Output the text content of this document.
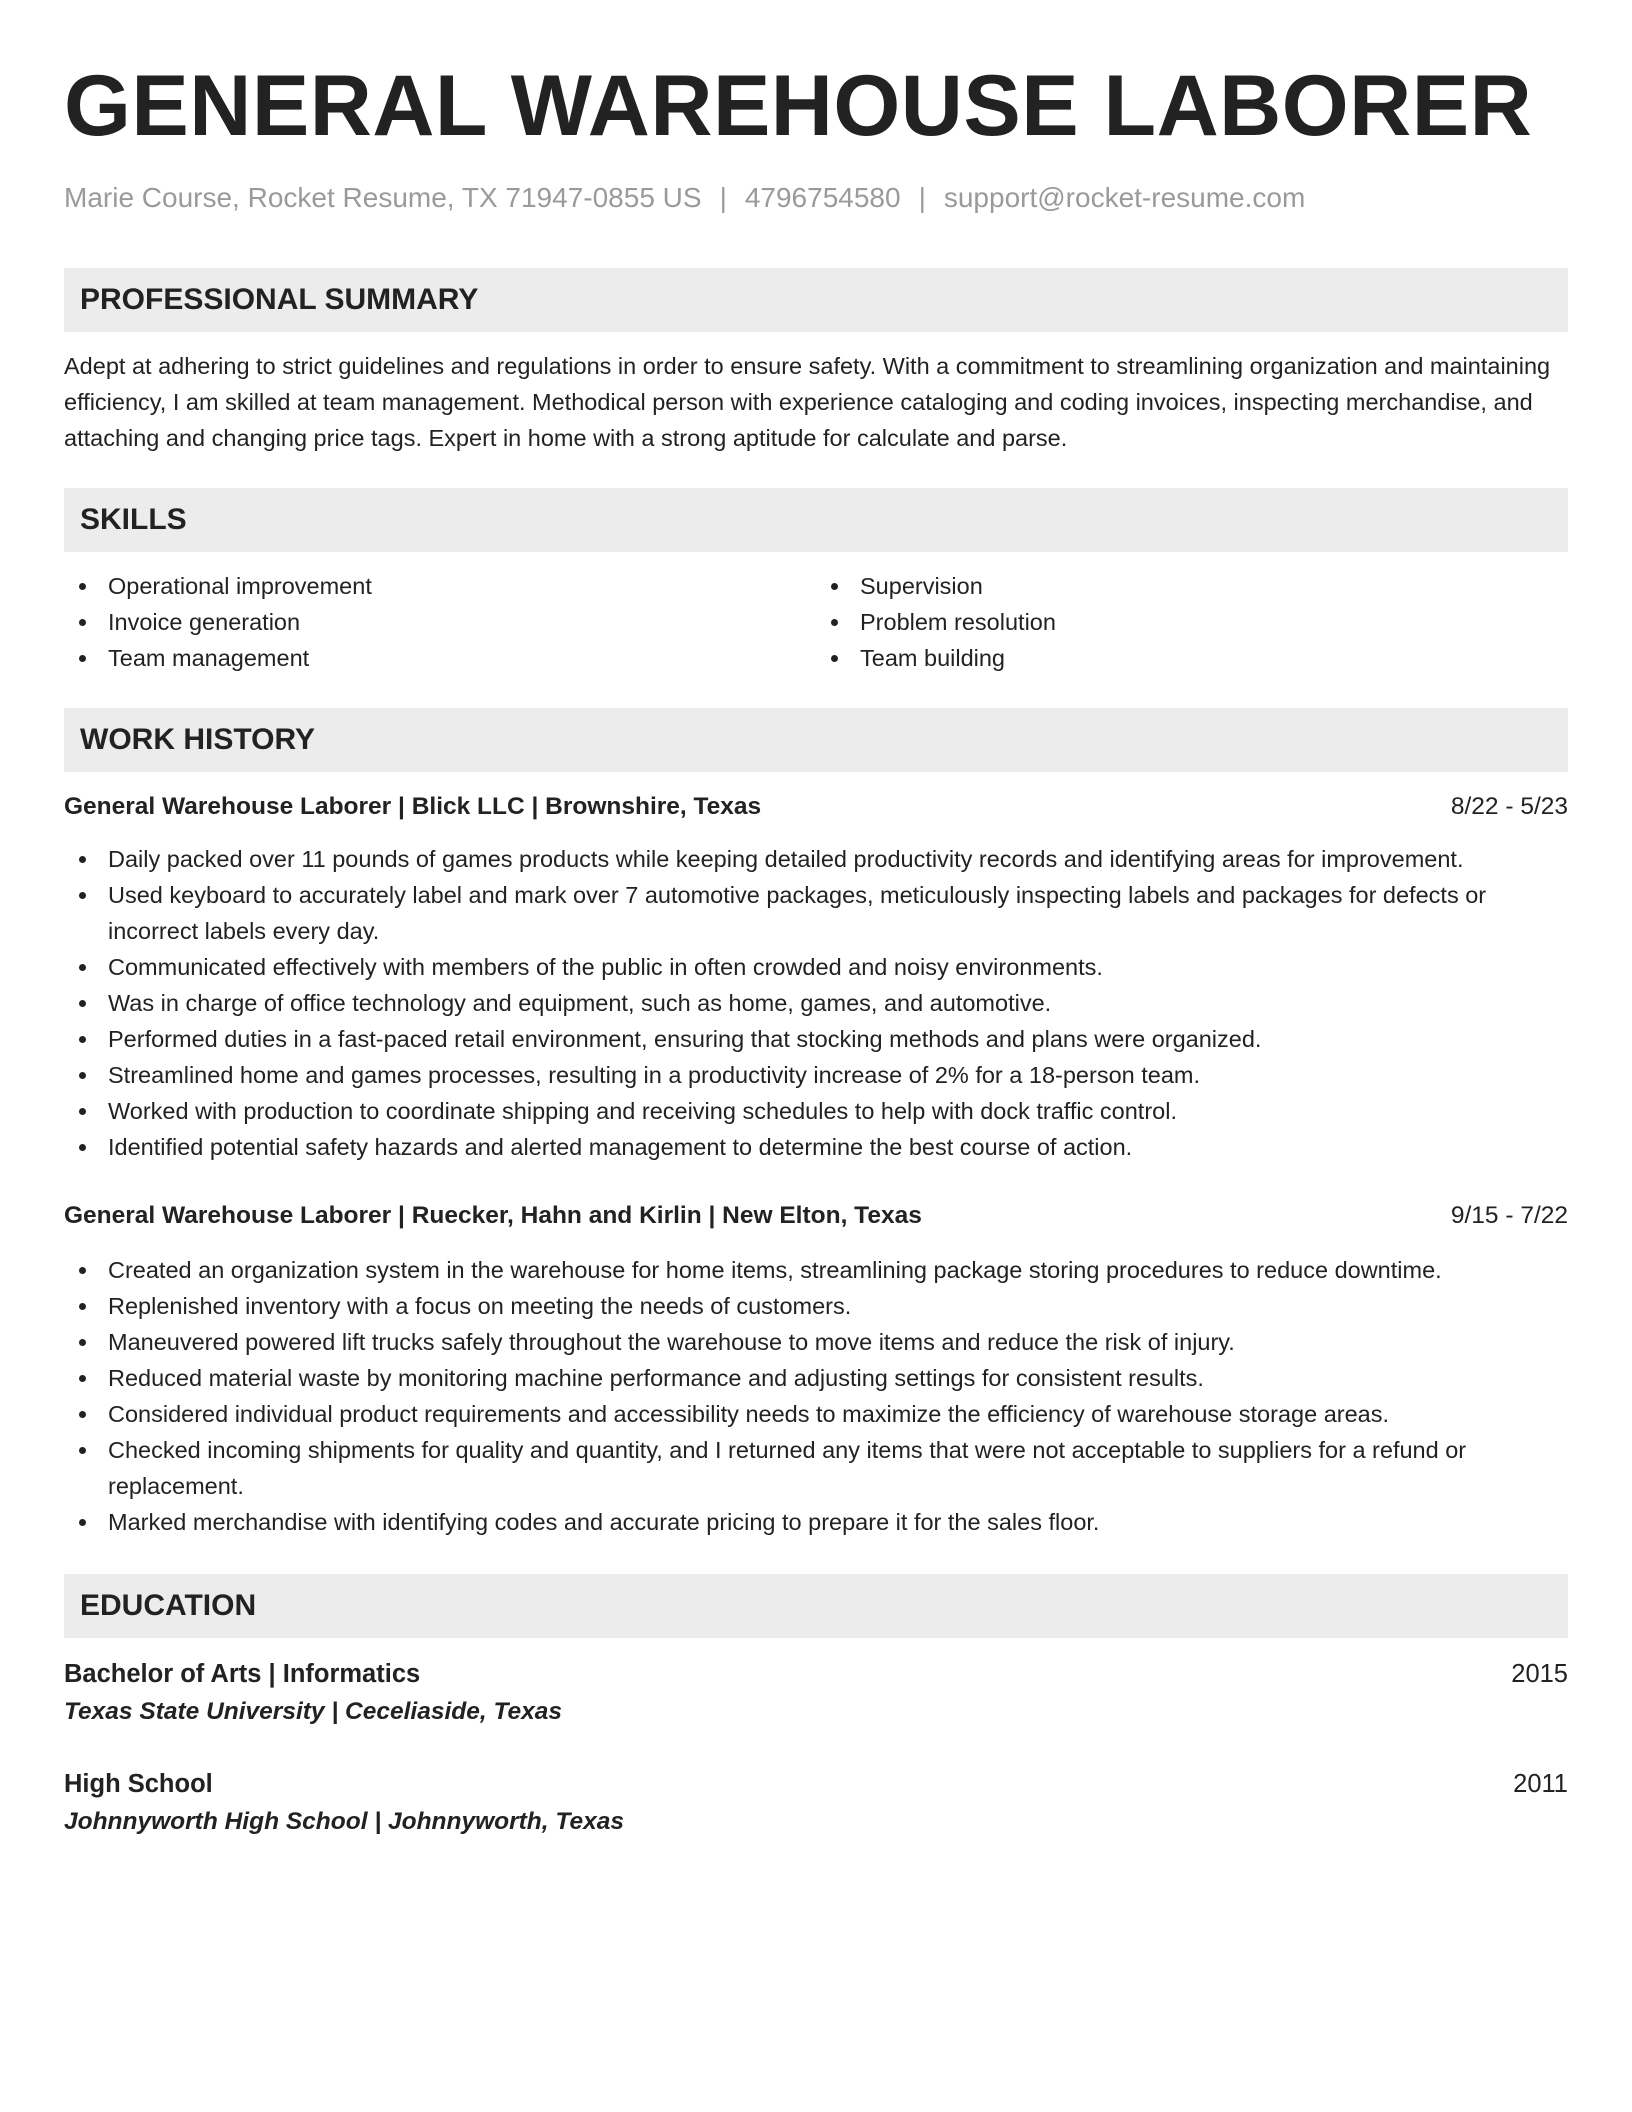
GENERAL WAREHOUSE LABORER
Marie Course, Rocket Resume, TX 71947-0855 US | 4796754580 | support@rocket-resume.com
PROFESSIONAL SUMMARY

Adept at adhering to strict guidelines and regulations in order to ensure safety. With a commitment to streamlining organization and maintaining efficiency, I am skilled at team management. Methodical person with experience cataloging and coding invoices, inspecting merchandise, and attaching and changing price tags. Expert in home with a strong aptitude for calculate and parse.

SKILLS
Operational improvement
Invoice generation
Team management
Supervision
Problem resolution
Team building
WORK HISTORY
General Warehouse Laborer | Blick LLC | Brownshire, Texas	8/22 - 5/23
Daily packed over 11 pounds of games products while keeping detailed productivity records and identifying areas for improvement.
Used keyboard to accurately label and mark over 7 automotive packages, meticulously inspecting labels and packages for defects or incorrect labels every day.
Communicated effectively with members of the public in often crowded and noisy environments.
Was in charge of office technology and equipment, such as home, games, and automotive.
Performed duties in a fast-paced retail environment, ensuring that stocking methods and plans were organized.
Streamlined home and games processes, resulting in a productivity increase of 2% for a 18-person team.
Worked with production to coordinate shipping and receiving schedules to help with dock traffic control.
Identified potential safety hazards and alerted management to determine the best course of action.
General Warehouse Laborer | Ruecker, Hahn and Kirlin | New Elton, Texas	9/15 - 7/22
Created an organization system in the warehouse for home items, streamlining package storing procedures to reduce downtime.
Replenished inventory with a focus on meeting the needs of customers.
Maneuvered powered lift trucks safely throughout the warehouse to move items and reduce the risk of injury.
Reduced material waste by monitoring machine performance and adjusting settings for consistent results.
Considered individual product requirements and accessibility needs to maximize the efficiency of warehouse storage areas.
Checked incoming shipments for quality and quantity, and I returned any items that were not acceptable to suppliers for a refund or replacement.
Marked merchandise with identifying codes and accurate pricing to prepare it for the sales floor.
EDUCATION
Bachelor of Arts | Informatics	2015
Texas State University | Ceceliaside, Texas
High School	2011
Johnnyworth High School | Johnnyworth, Texas
